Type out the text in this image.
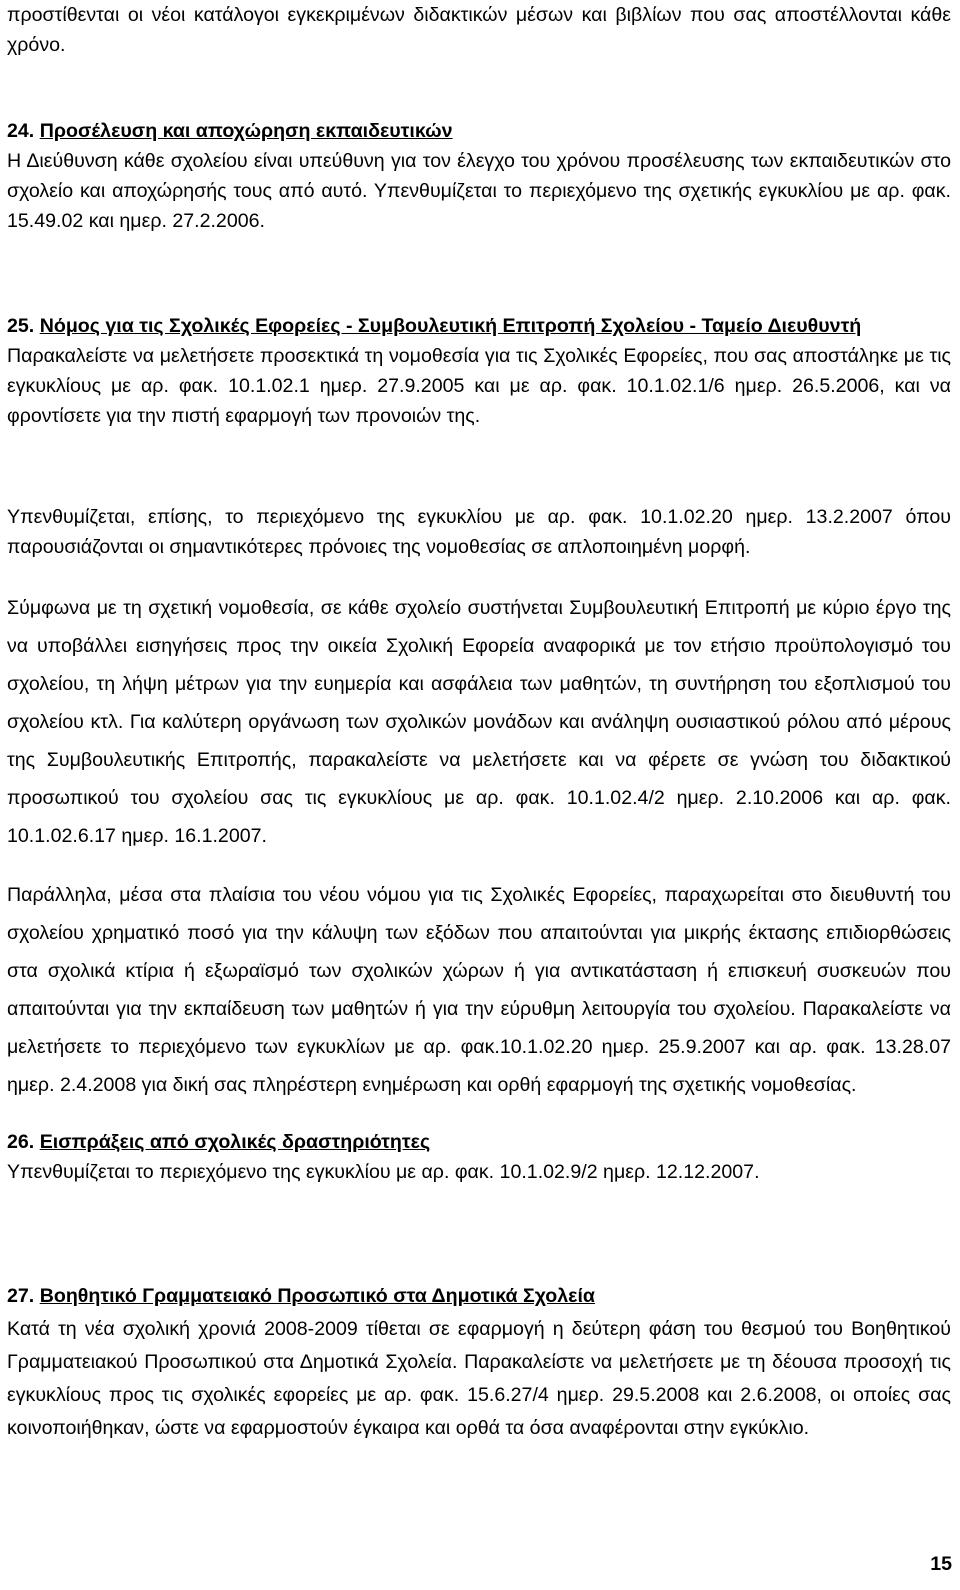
προστίθενται οι νέοι κατάλογοι εγκεκριμένων διδακτικών μέσων και βιβλίων που σας αποστέλλονται κάθε χρόνο.

24. Προσέλευση και αποχώρηση εκπαιδευτικών

Η Διεύθυνση κάθε σχολείου είναι υπεύθυνη για τον έλεγχο του χρόνου προσέλευσης των εκπαιδευτικών στο σχολείο και αποχώρησής τους από αυτό. Υπενθυμίζεται το περιεχόμενο της σχετικής εγκυκλίου με αρ. φακ. 15.49.02 και ημερ. 27.2.2006.

25. Νόμος για τις Σχολικές Εφορείες - Συμβουλευτική Επιτροπή Σχολείου - Ταμείο Διευθυντή

Παρακαλείστε να μελετήσετε προσεκτικά τη νομοθεσία για τις Σχολικές Εφορείες, που σας αποστάληκε με τις εγκυκλίους με αρ. φακ. 10.1.02.1 ημερ. 27.9.2005 και με αρ. φακ. 10.1.02.1/6 ημερ. 26.5.2006, και να φροντίσετε για την πιστή εφαρμογή των προνοιών της.

Υπενθυμίζεται, επίσης, το περιεχόμενο της εγκυκλίου με αρ. φακ. 10.1.02.20 ημερ. 13.2.2007 όπου παρουσιάζονται οι σημαντικότερες πρόνοιες της νομοθεσίας σε απλοποιημένη μορφή.

Σύμφωνα με τη σχετική νομοθεσία, σε κάθε σχολείο συστήνεται Συμβουλευτική Επιτροπή με κύριο έργο της να υποβάλλει εισηγήσεις προς την οικεία Σχολική Εφορεία αναφορικά με τον ετήσιο προϋπολογισμό του σχολείου, τη λήψη μέτρων για την ευημερία και ασφάλεια των μαθητών, τη συντήρηση του εξοπλισμού του σχολείου κτλ. Για καλύτερη οργάνωση των σχολικών μονάδων και ανάληψη ουσιαστικού ρόλου από μέρους της Συμβουλευτικής Επιτροπής, παρακαλείστε να μελετήσετε και να φέρετε σε γνώση του διδακτικού προσωπικού του σχολείου σας τις εγκυκλίους με αρ. φακ. 10.1.02.4/2 ημερ. 2.10.2006 και αρ. φακ. 10.1.02.6.17 ημερ. 16.1.2007.

Παράλληλα, μέσα στα πλαίσια του νέου νόμου για τις Σχολικές Εφορείες, παραχωρείται στο διευθυντή του σχολείου χρηματικό ποσό για την κάλυψη των εξόδων που απαιτούνται για μικρής έκτασης επιδιορθώσεις στα σχολικά κτίρια ή εξωραϊσμό των σχολικών χώρων ή για αντικατάσταση ή επισκευή συσκευών που απαιτούνται για την εκπαίδευση των μαθητών ή για την εύρυθμη λειτουργία του σχολείου. Παρακαλείστε να μελετήσετε το περιεχόμενο των εγκυκλίων με αρ. φακ.10.1.02.20 ημερ. 25.9.2007 και αρ. φακ. 13.28.07 ημερ. 2.4.2008 για δική σας πληρέστερη ενημέρωση και ορθή εφαρμογή της σχετικής νομοθεσίας.

26. Εισπράξεις από σχολικές δραστηριότητες

Υπενθυμίζεται το περιεχόμενο της εγκυκλίου με αρ. φακ. 10.1.02.9/2 ημερ. 12.12.2007.

27. Βοηθητικό Γραμματειακό Προσωπικό στα Δημοτικά Σχολεία

Κατά τη νέα σχολική χρονιά 2008-2009 τίθεται σε εφαρμογή η δεύτερη φάση του θεσμού του Βοηθητικού Γραμματειακού Προσωπικού στα Δημοτικά Σχολεία. Παρακαλείστε να μελετήσετε με τη δέουσα προσοχή τις εγκυκλίους προς τις σχολικές εφορείες με αρ. φακ. 15.6.27/4 ημερ. 29.5.2008 και 2.6.2008, οι οποίες σας κοινοποιήθηκαν, ώστε να εφαρμοστούν έγκαιρα και ορθά τα όσα αναφέρονται στην εγκύκλιο.

15
